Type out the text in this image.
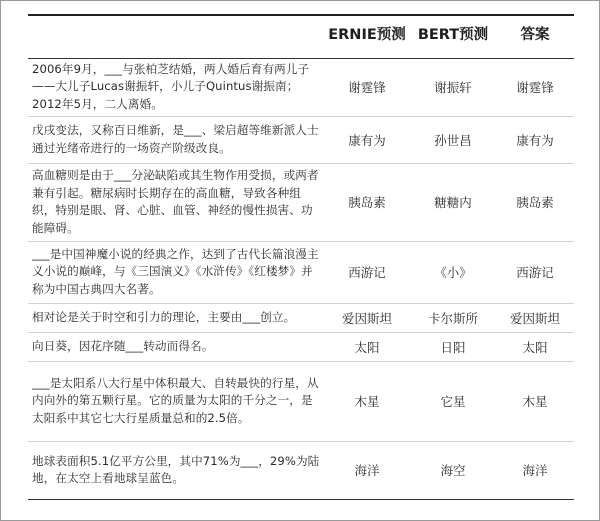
	ERNIE预测	BERT预测	答案
2006年9月，___与张柏芝结婚，两人婚后育有两儿子——大儿子Lucas谢振轩，小儿子Quintus谢振南；2012年5月，二人离婚。	谢霆锋	谢振轩	谢霆锋
戊戌变法，又称百日维新，是___、梁启超等维新派人士通过光绪帝进行的一场资产阶级改良。	康有为	孙世昌	康有为
高血糖则是由于___分泌缺陷或其生物作用受损，或两者兼有引起。糖尿病时长期存在的高血糖，导致各种组织，特别是眼、肾、心脏、血管、神经的慢性损害、功能障碍。	胰岛素	糖糖内	胰岛素
___是中国神魔小说的经典之作，达到了古代长篇浪漫主义小说的巅峰，与《三国演义》《水浒传》《红楼梦》并称为中国古典四大名著。	西游记	《小》	西游记
相对论是关于时空和引力的理论，主要由___创立。	爱因斯坦	卡尔斯所	爱因斯坦
向日葵，因花序随___转动而得名。	太阳	日阳	太阳
___是太阳系八大行星中体积最大、自转最快的行星，从内向外的第五颗行星。它的质量为太阳的千分之一，是太阳系中其它七大行星质量总和的2.5倍。	木星	它星	木星
地球表面积5.1亿平方公里，其中71%为___，29%为陆地，在太空上看地球呈蓝色。	海洋	海空	海洋
